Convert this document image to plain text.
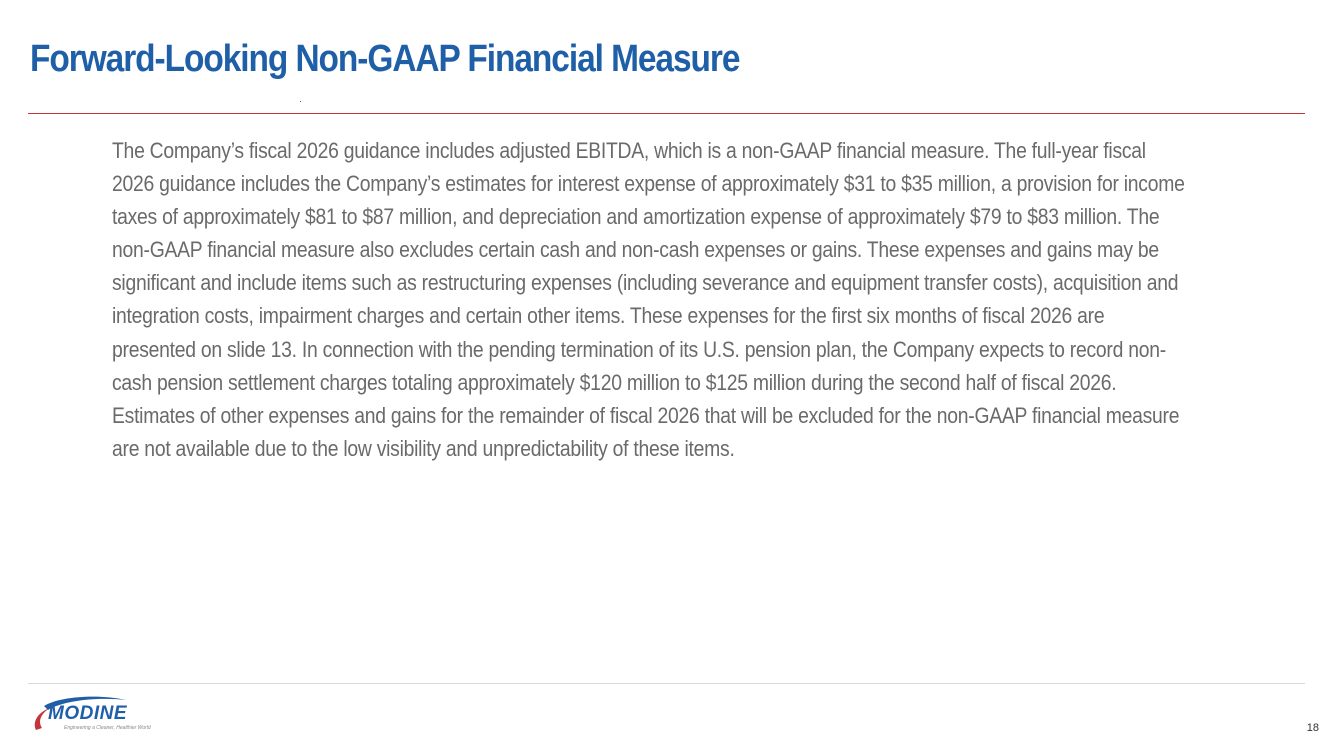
Forward-Looking Non-GAAP Financial Measure

The Company’s fiscal 2026 guidance includes adjusted EBITDA, which is a non-GAAP financial measure. The full-year fiscal 2026 guidance includes the Company’s estimates for interest expense of approximately $31 to $35 million, a provision for income taxes of approximately $81 to $87 million, and depreciation and amortization expense of approximately $79 to $83 million. The non-GAAP financial measure also excludes certain cash and non-cash expenses or gains. These expenses and gains may be significant and include items such as restructuring expenses (including severance and equipment transfer costs), acquisition and integration costs, impairment charges and certain other items. These expenses for the first six months of fiscal 2026 are presented on slide 13. In connection with the pending termination of its U.S. pension plan, the Company expects to record non-cash pension settlement charges totaling approximately $120 million to $125 million during the second half of fiscal 2026. Estimates of other expenses and gains for the remainder of fiscal 2026 that will be excluded for the non-GAAP financial measure are not available due to the low visibility and unpredictability of these items.

MODINE
Engineering a Cleaner, Healthier World	18
